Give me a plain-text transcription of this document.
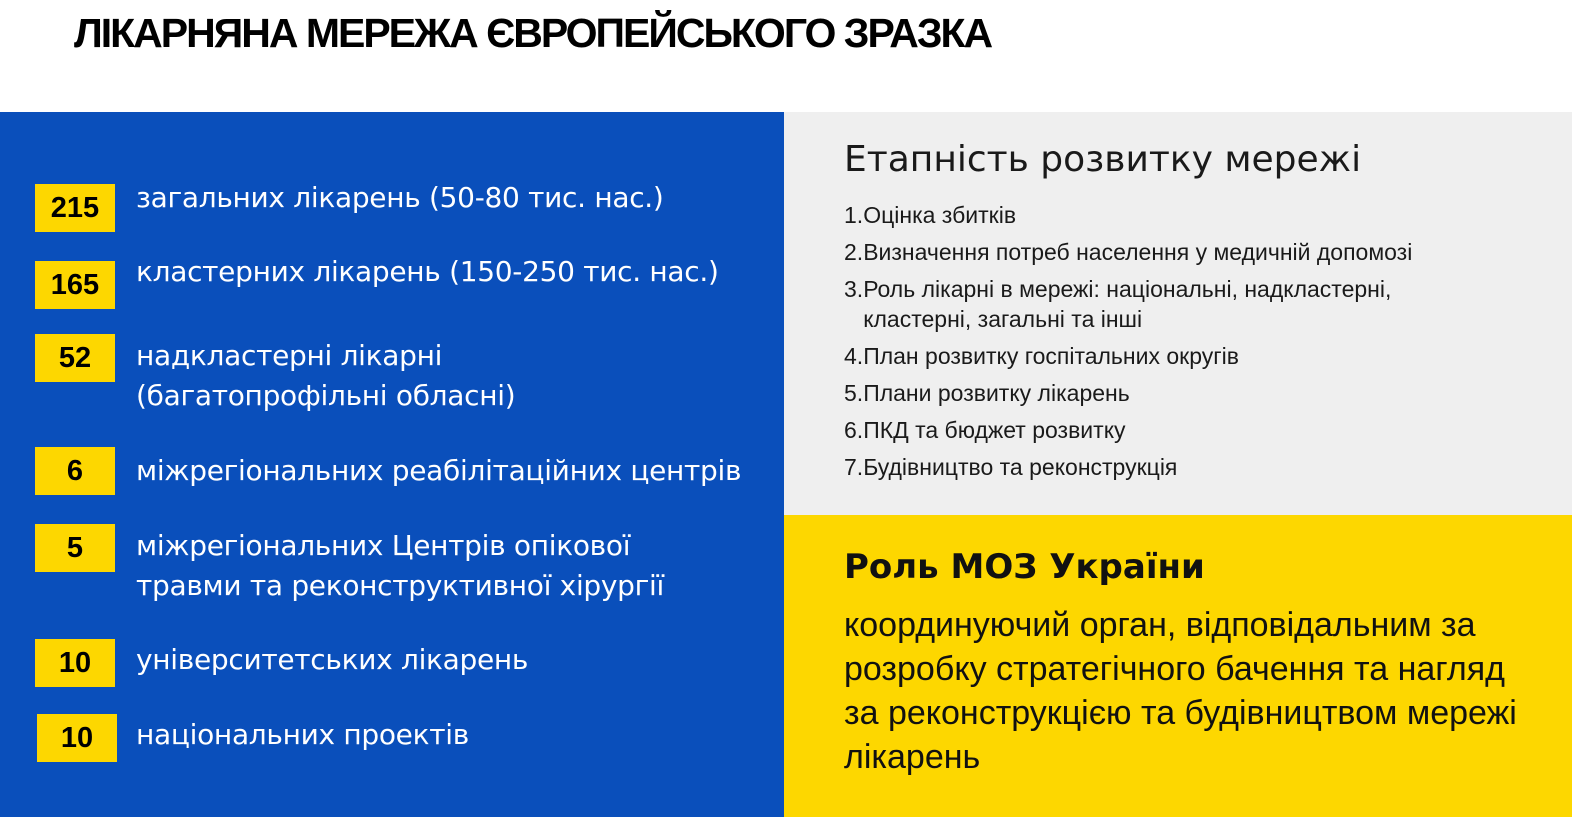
ЛІКАРНЯНА МЕРЕЖА ЄВРОПЕЙСЬКОГО ЗРАЗКА
215	загальних лікарень (50-80 тис. нас.)
165	кластерних лікарень (150-250 тис. нас.)
52	надкластерні лікарні (багатопрофільні обласні)
6	міжрегіональних реабілітаційних центрів
5	міжрегіональних Центрів опікової травми та реконструктивної хірургії
10	університетських лікарень
10	національних проектів
Етапність розвитку мережі
1. Оцінка збитків
2. Визначення потреб населення у медичній допомозі
3. Роль лікарні в мережі: національні, надкластерні, кластерні, загальні та інші
4. План розвитку госпітальних округів
5. Плани розвитку лікарень
6. ПКД та бюджет розвитку
7. Будівництво та реконструкція
Роль МОЗ України
координуючий орган, відповідальним за розробку стратегічного бачення та нагляд за реконструкцією та будівництвом мережі лікарень
